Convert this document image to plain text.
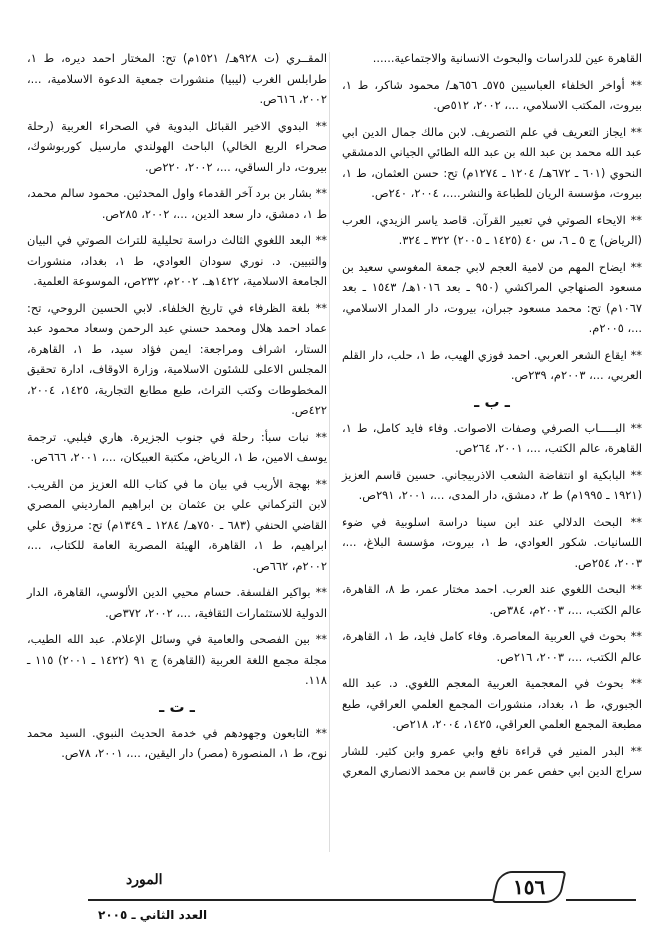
القاهرة عين للدراسات والبحوث الانسانية والاجتماعية......
** أواخر الخلفاء العباسيين ٥٧٥ـ ٦٥٦هـ/ محمود شاكر، ط ١، بيروت، المكتب الاسلامي، ...، ٢٠٠٢، ٥١٢ص.
** ايجاز التعريف في علم التصريف. لابن مالك جمال الدين ابي عبد الله محمد بن عبد الله بن عبد الله الطائي الجياني الدمشقي النحوي (٦٠١ ـ ٦٧٢هـ/ ١٢٠٤ ـ ١٢٧٤م) تح: حسن العثمان، ط ١، بيروت، مؤسسة الريان للطباعة والنشر....، ٢٠٠٤، ٢٤٠ص.
** الايحاء الصوتي في تعبير القرآن. قاصد ياسر الزيدي، العرب (الرياض) ج ٥ ـ ٦، س ٤٠ (١٤٢٥ ـ ٢٠٠٥) ٣٢٢ ـ ٣٢٤.
** ايضاح المهم من لامية العجم لابي جمعة المغوسي سعيد بن مسعود الصنهاجي المراكشي (٩٥٠ ـ بعد ١٠١٦هـ/ ١٥٤٣ ـ بعد ١٠٦٧م) تح: محمد مسعود جبران، بيروت، دار المدار الاسلامي، ...، ٢٠٠٥م.
** ايقاع الشعر العربي. احمد فوزي الهيب، ط ١، حلب، دار القلم العربي، ...، ٢٠٠٣م، ٢٣٩ص.
ـ ب ـ
** البـــــاب الصرفي وصفات الاصوات. وفاء فايد كامل، ط ١، القاهرة، عالم الكتب، ...، ٢٠٠١، ٢٦٤ص.
** البابكية او انتفاضة الشعب الاذربيجاني. حسين قاسم العزيز (١٩٢١ ـ ١٩٩٥م) ط ٢، دمشق، دار المدى، ...، ٢٠٠١، ٢٩١ص.
** البحث الدلالي عند ابن سينا دراسة اسلوبية في ضوء اللسانيات. شكور العوادي، ط ١، بيروت، مؤسسة البلاغ، ...، ٢٠٠٣، ٢٥٤ص.
** البحث اللغوي عند العرب. احمد مختار عمر، ط ٨، القاهرة، عالم الكتب، ...، ٢٠٠٣م، ٣٨٤ص.
** بحوث في العربية المعاصرة. وفاء كامل فايد، ط ١، القاهرة، عالم الكتب، ...، ٢٠٠٣، ٢١٦ص.
** بحوث في المعجمية العربية المعجم اللغوي. د. عبد الله الجبوري، ط ١، بغداد، منشورات المجمع العلمي العراقي، طبع مطبعة المجمع العلمي العراقي، ١٤٢٥، ٢٠٠٤، ٢١٨ص.
** البدر المنير في قراءة نافع وابي عمرو وابن كثير. للشار سراج الدين ابي حفص عمر بن قاسم بن محمد الانصاري المعري
المقــري (ت ٩٢٨هـ/ ١٥٢١م) تح: المختار احمد ديره، ط ١، طرابلس الغرب (ليبيا) منشورات جمعية الدعوة الاسلامية، ...، ٢٠٠٢، ٦١٦ص.
** البدوي الاخير القبائل البدوية في الصحراء العربية (رحلة صحراء الربع الخالي) الباحث الهولندي مارسيل كوربوشوك، بيروت، دار الساقي، ...، ٢٠٠٢، ٢٢٠ص.
** بشار بن برد آخر القدماء واول المحدثين. محمود سالم محمد، ط ١، دمشق، دار سعد الدين، ...، ٢٠٠٢، ٢٨٥ص.
** البعد اللغوي الثالث دراسة تحليلية للتراث الصوتي في البيان والتبيين. د. نوري سودان العوادي، ط ١، بغداد، منشورات الجامعة الاسلامية، ١٤٢٢هـ. ٢٠٠٢م، ٢٣٢ص، الموسوعة العلمية.
** بلغة الظرفاء في تاريخ الخلفاء. لابي الحسين الروحي، تح: عماد احمد هلال ومحمد حسني عبد الرحمن وسعاد محمود عبد الستار، اشراف ومراجعة: ايمن فؤاد سيد، ط ١، القاهرة، المجلس الاعلى للشئون الاسلامية، وزارة الاوقاف، ادارة تحقيق المخطوطات وكتب التراث، طبع مطابع التجارية، ١٤٢٥، ٢٠٠٤، ٤٢٢ص.
** نبات سبأ: رحلة في جنوب الجزيرة. هاري فيلبي. ترجمة يوسف الامين، ط ١، الرياض، مكتبة العبيكان، ...، ٢٠٠١، ٦٦٦ص.
** بهجة الأريب في بيان ما في كتاب الله العزيز من القريب. لابن التركماني علي بن عثمان بن ابراهيم المارديني المصري القاضي الحنفي (٦٨٣ ـ ٧٥٠هـ/ ١٢٨٤ ـ ١٣٤٩م) تح: مرزوق علي ابراهيم، ط ١، القاهرة، الهيئة المصرية العامة للكتاب، ...، ٢٠٠٢م، ٦٦٢ص.
** بواكير الفلسفة. حسام محيي الدين الألوسي، القاهرة، الدار الدولية للاستثمارات الثقافية، ...، ٢٠٠٢، ٣٧٢ص.
** بين الفصحى والعامية في وسائل الإعلام. عبد الله الطيب، مجلة مجمع اللغة العربية (القاهرة) ج ٩١ (١٤٢٢ ـ ٢٠٠١) ١١٥ ـ ١١٨.
ـ ت ـ
** التابعون وجهودهم في خدمة الحديث النبوي. السيد محمد نوح، ط ١، المنصورة (مصر) دار اليقين، ...، ٢٠٠١، ٧٨ص.
١٥٦
المورد
العدد الثاني ـ ٢٠٠٥
